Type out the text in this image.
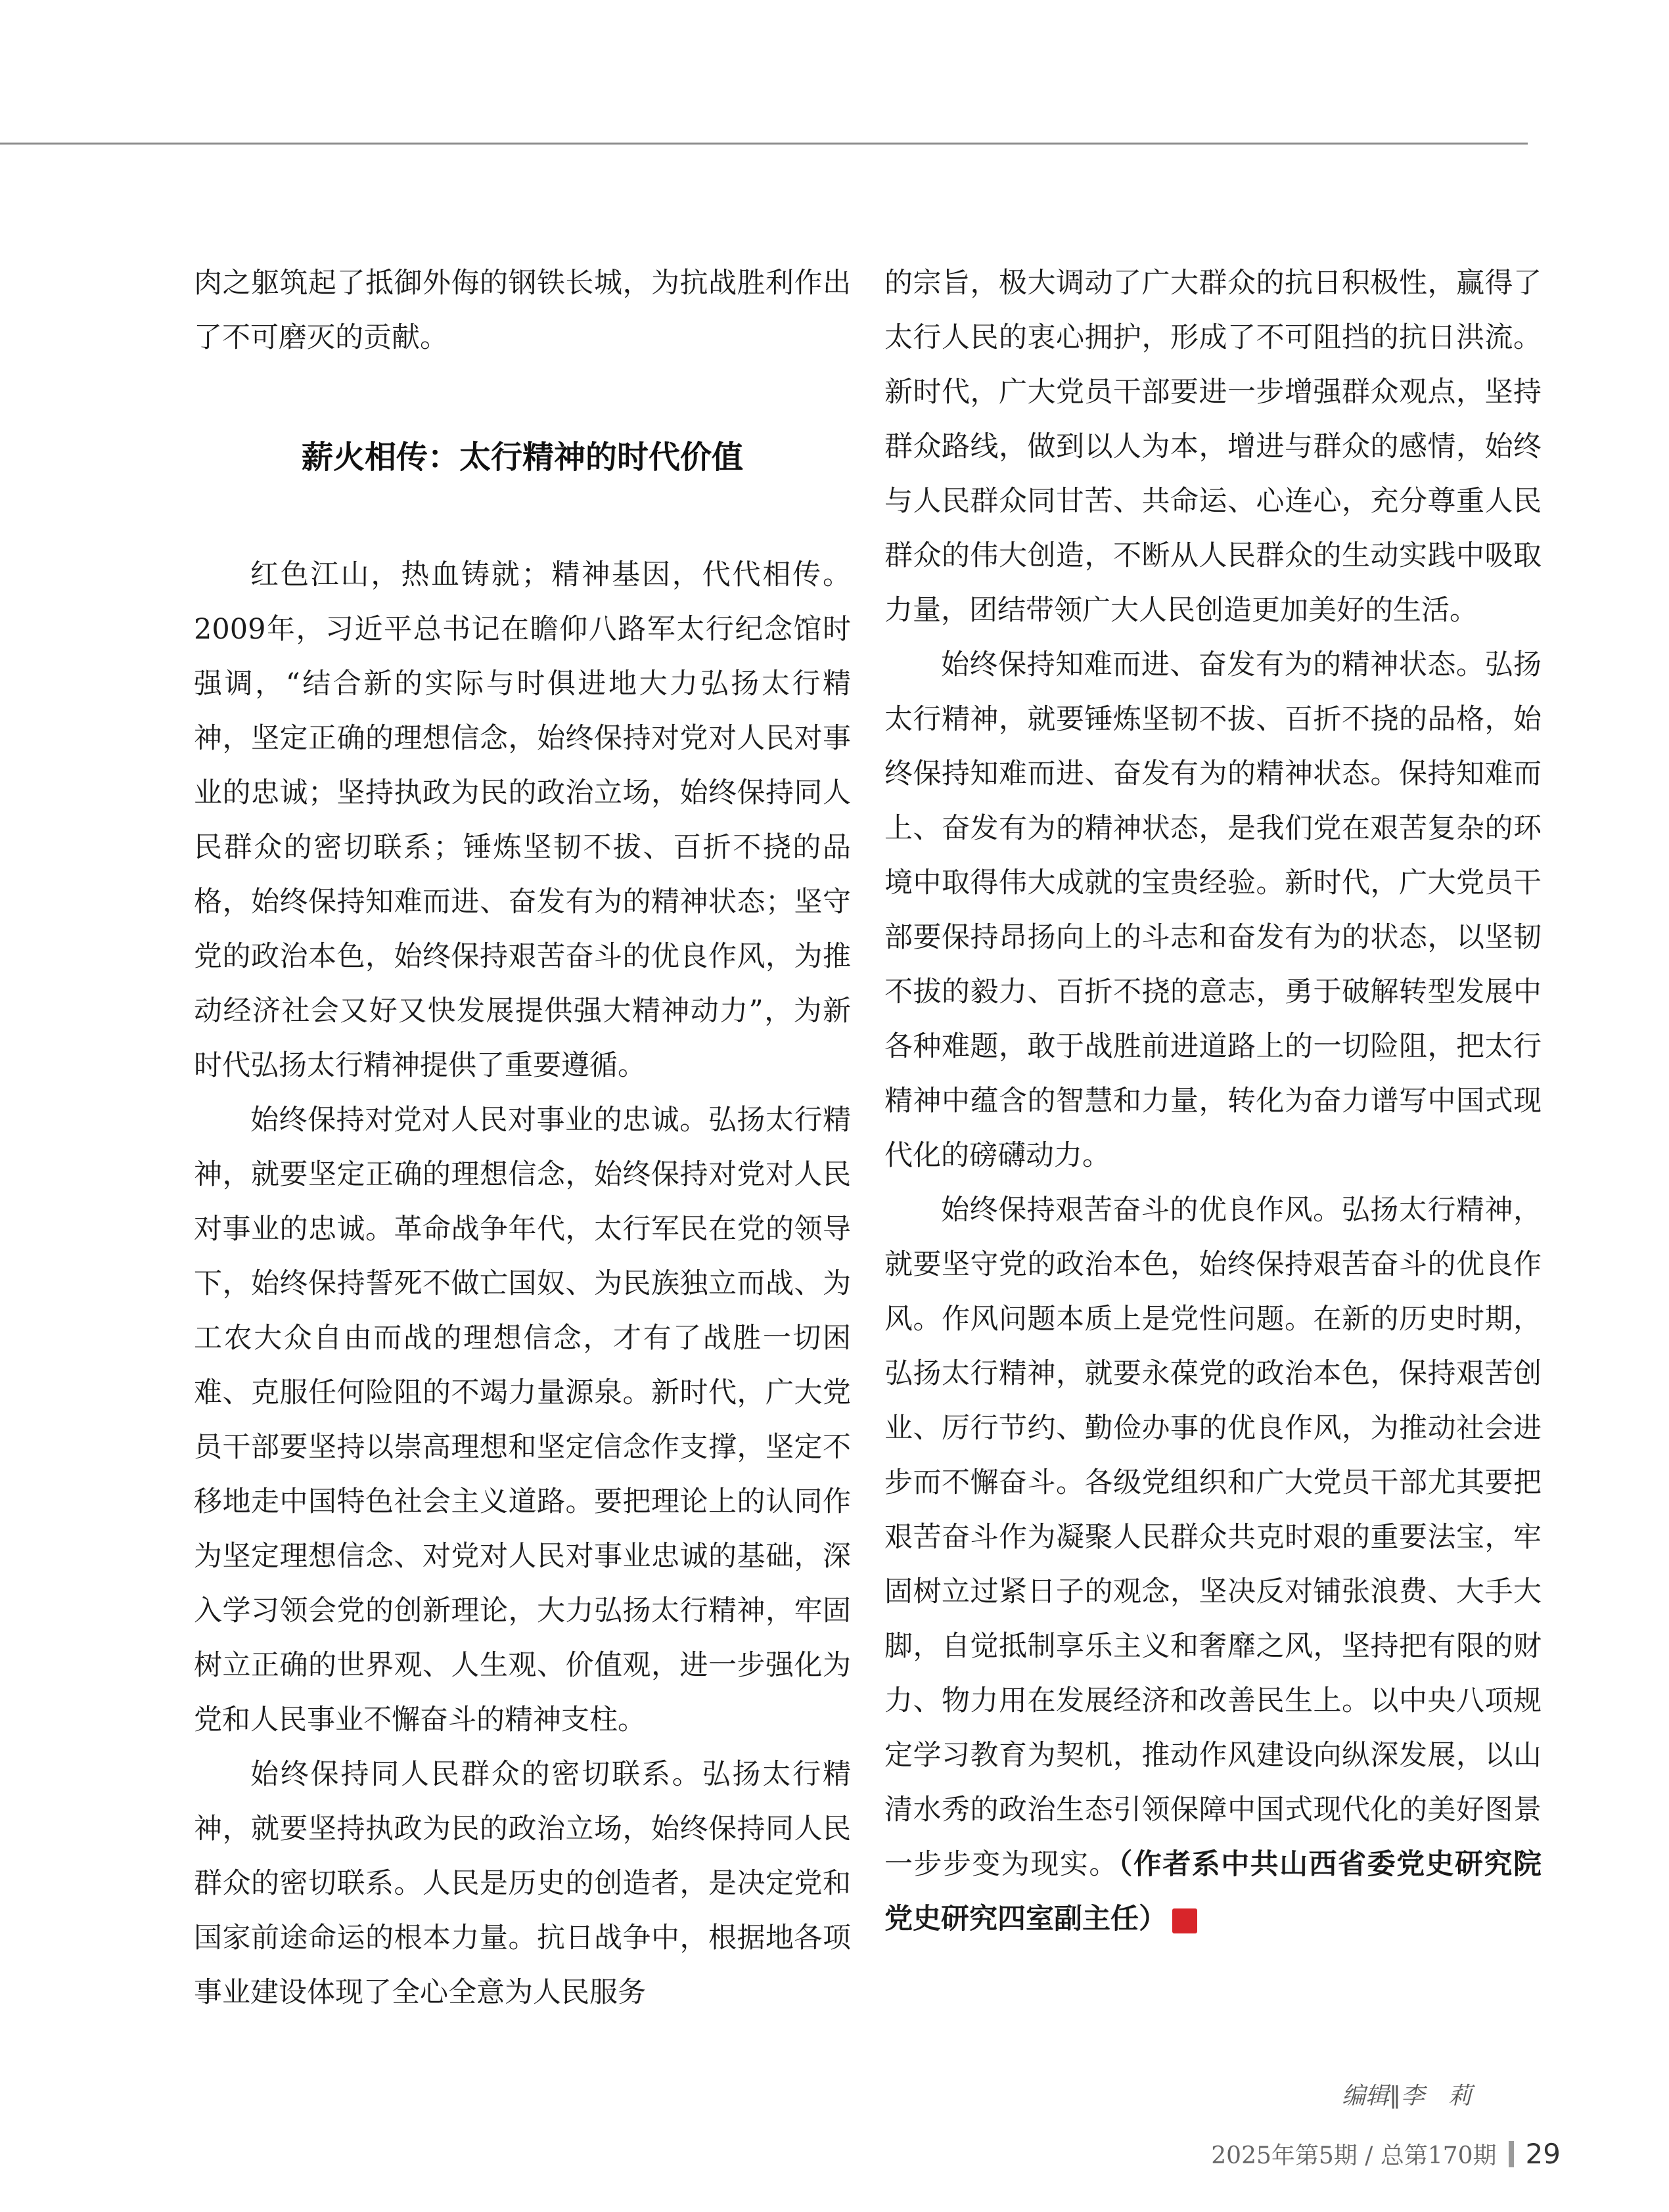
肉之躯筑起了抵御外侮的钢铁长城，为抗战胜利作出了不可磨灭的贡献。

薪火相传：太行精神的时代价值

红色江山，热血铸就；精神基因，代代相传。2009年，习近平总书记在瞻仰八路军太行纪念馆时强调，“结合新的实际与时俱进地大力弘扬太行精神，坚定正确的理想信念，始终保持对党对人民对事业的忠诚；坚持执政为民的政治立场，始终保持同人民群众的密切联系；锤炼坚韧不拔、百折不挠的品格，始终保持知难而进、奋发有为的精神状态；坚守党的政治本色，始终保持艰苦奋斗的优良作风，为推动经济社会又好又快发展提供强大精神动力”，为新时代弘扬太行精神提供了重要遵循。

始终保持对党对人民对事业的忠诚。弘扬太行精神，就要坚定正确的理想信念，始终保持对党对人民对事业的忠诚。革命战争年代，太行军民在党的领导下，始终保持誓死不做亡国奴、为民族独立而战、为工农大众自由而战的理想信念，才有了战胜一切困难、克服任何险阻的不竭力量源泉。新时代，广大党员干部要坚持以崇高理想和坚定信念作支撑，坚定不移地走中国特色社会主义道路。要把理论上的认同作为坚定理想信念、对党对人民对事业忠诚的基础，深入学习领会党的创新理论，大力弘扬太行精神，牢固树立正确的世界观、人生观、价值观，进一步强化为党和人民事业不懈奋斗的精神支柱。

始终保持同人民群众的密切联系。弘扬太行精神，就要坚持执政为民的政治立场，始终保持同人民群众的密切联系。人民是历史的创造者，是决定党和国家前途命运的根本力量。抗日战争中，根据地各项事业建设体现了全心全意为人民服务

的宗旨，极大调动了广大群众的抗日积极性，赢得了太行人民的衷心拥护，形成了不可阻挡的抗日洪流。新时代，广大党员干部要进一步增强群众观点，坚持群众路线，做到以人为本，增进与群众的感情，始终与人民群众同甘苦、共命运、心连心，充分尊重人民群众的伟大创造，不断从人民群众的生动实践中吸取力量，团结带领广大人民创造更加美好的生活。

始终保持知难而进、奋发有为的精神状态。弘扬太行精神，就要锤炼坚韧不拔、百折不挠的品格，始终保持知难而进、奋发有为的精神状态。保持知难而上、奋发有为的精神状态，是我们党在艰苦复杂的环境中取得伟大成就的宝贵经验。新时代，广大党员干部要保持昂扬向上的斗志和奋发有为的状态，以坚韧不拔的毅力、百折不挠的意志，勇于破解转型发展中各种难题，敢于战胜前进道路上的一切险阻，把太行精神中蕴含的智慧和力量，转化为奋力谱写中国式现代化的磅礴动力。

始终保持艰苦奋斗的优良作风。弘扬太行精神，就要坚守党的政治本色，始终保持艰苦奋斗的优良作风。作风问题本质上是党性问题。在新的历史时期，弘扬太行精神，就要永葆党的政治本色，保持艰苦创业、厉行节约、勤俭办事的优良作风，为推动社会进步而不懈奋斗。各级党组织和广大党员干部尤其要把艰苦奋斗作为凝聚人民群众共克时艰的重要法宝，牢固树立过紧日子的观念，坚决反对铺张浪费、大手大脚，自觉抵制享乐主义和奢靡之风，坚持把有限的财力、物力用在发展经济和改善民生上。以中央八项规定学习教育为契机，推动作风建设向纵深发展，以山清水秀的政治生态引领保障中国式现代化的美好图景一步步变为现实。（作者系中共山西省委党史研究院党史研究四室副主任）	G

编辑∥李　莉
2025年第5期 / 总第170期 29
